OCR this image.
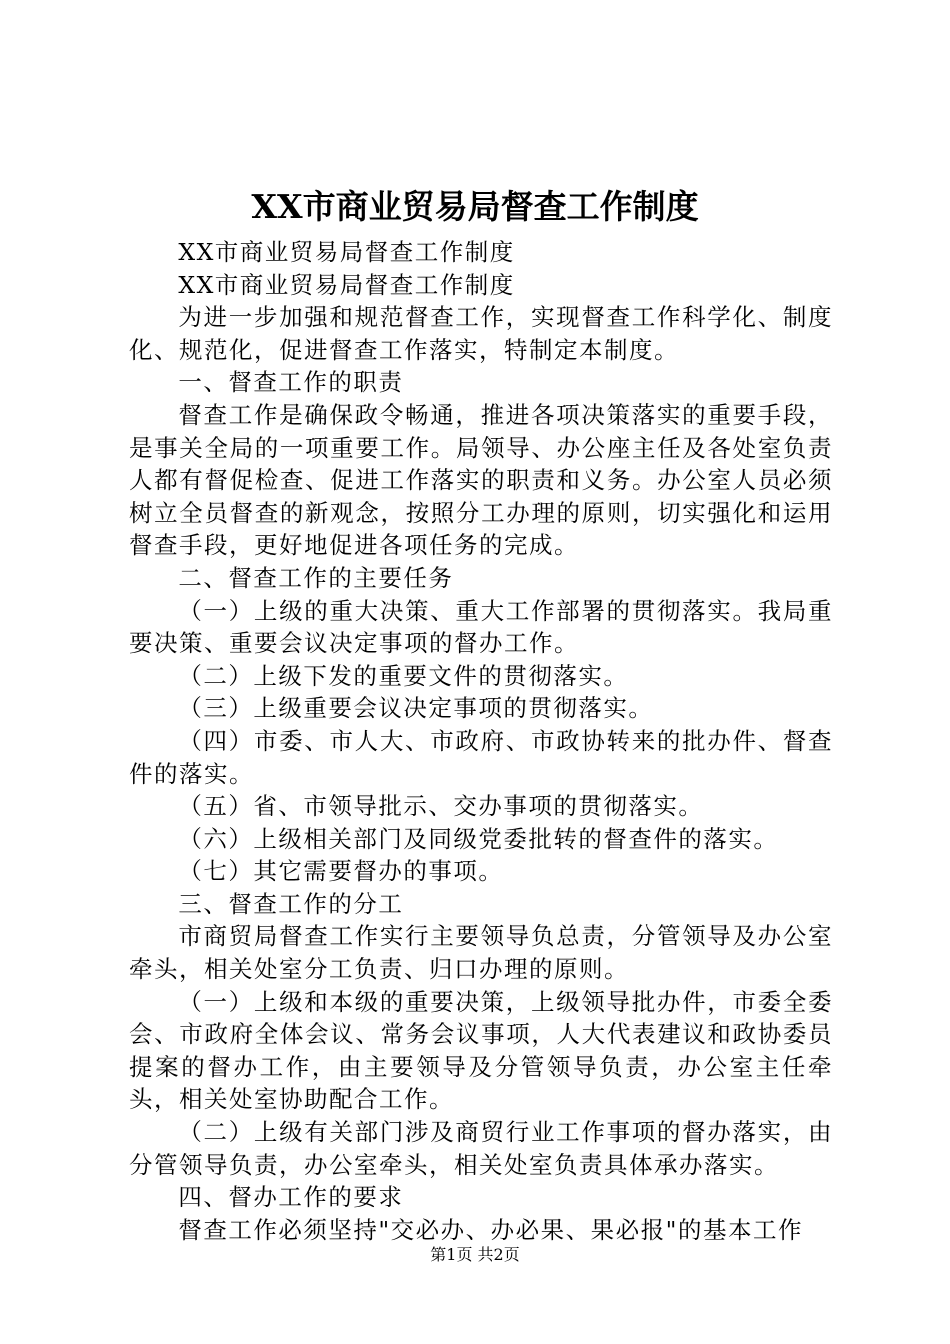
XX市商业贸易局督查工作制度

XX市商业贸易局督查工作制度

XX市商业贸易局督查工作制度

为进一步加强和规范督查工作，实现督查工作科学化、制度化、规范化，促进督查工作落实，特制定本制度。

一、督查工作的职责

督查工作是确保政令畅通，推进各项决策落实的重要手段，是事关全局的一项重要工作。局领导、办公座主任及各处室负责人都有督促检查、促进工作落实的职责和义务。办公室人员必须树立全员督查的新观念，按照分工办理的原则，切实强化和运用督查手段，更好地促进各项任务的完成。

二、督查工作的主要任务

（一）上级的重大决策、重大工作部署的贯彻落实。我局重要决策、重要会议决定事项的督办工作。

（二）上级下发的重要文件的贯彻落实。

（三）上级重要会议决定事项的贯彻落实。

（四）市委、市人大、市政府、市政协转来的批办件、督查件的落实。

（五）省、市领导批示、交办事项的贯彻落实。

（六）上级相关部门及同级党委批转的督查件的落实。

（七）其它需要督办的事项。

三、督查工作的分工

市商贸局督查工作实行主要领导负总责，分管领导及办公室牵头，相关处室分工负责、归口办理的原则。

（一）上级和本级的重要决策，上级领导批办件，市委全委会、市政府全体会议、常务会议事项，人大代表建议和政协委员提案的督办工作，由主要领导及分管领导负责，办公室主任牵头，相关处室协助配合工作。

（二）上级有关部门涉及商贸行业工作事项的督办落实，由分管领导负责，办公室牵头，相关处室负责具体承办落实。

四、督办工作的要求

督查工作必须坚持"交必办、办必果、果必报"的基本工作

第1页 共2页
